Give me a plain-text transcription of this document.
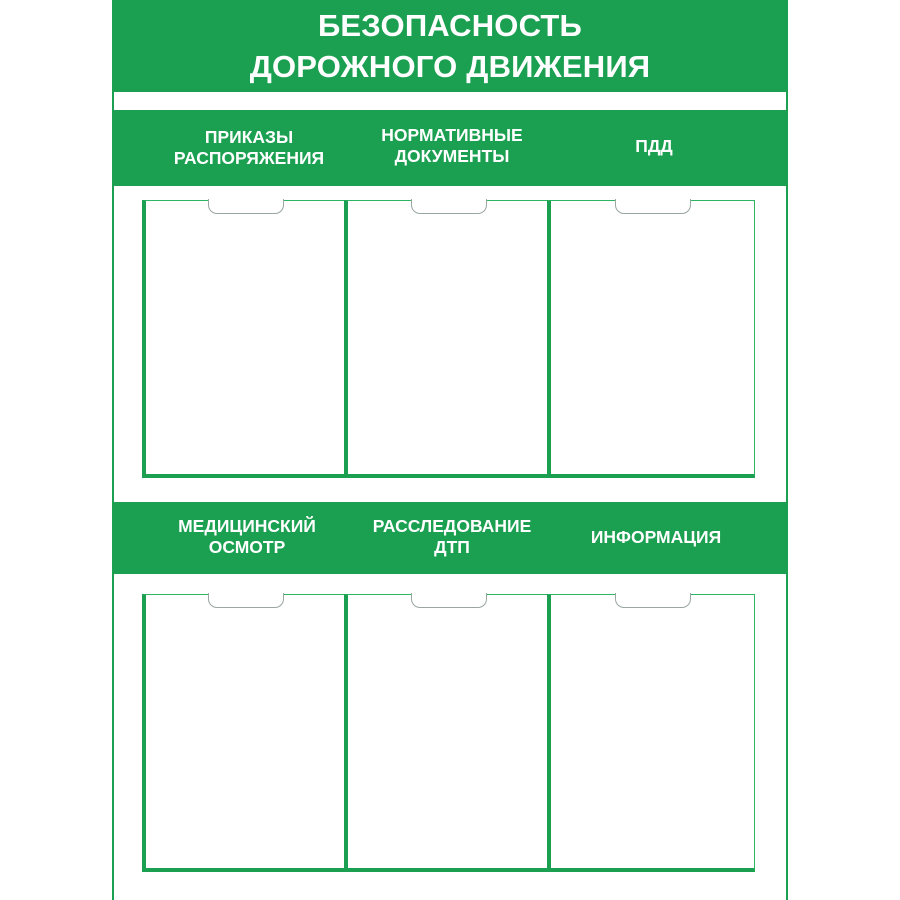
БЕЗОПАСНОСТЬ
ДОРОЖНОГО ДВИЖЕНИЯ
ПРИКАЗЫ
РАСПОРЯЖЕНИЯ
НОРМАТИВНЫЕ
ДОКУМЕНТЫ	ПДД
МЕДИЦИНСКИЙ
ОСМОТР
РАССЛЕДОВАНИЕ
ДТП	ИНФОРМАЦИЯ
